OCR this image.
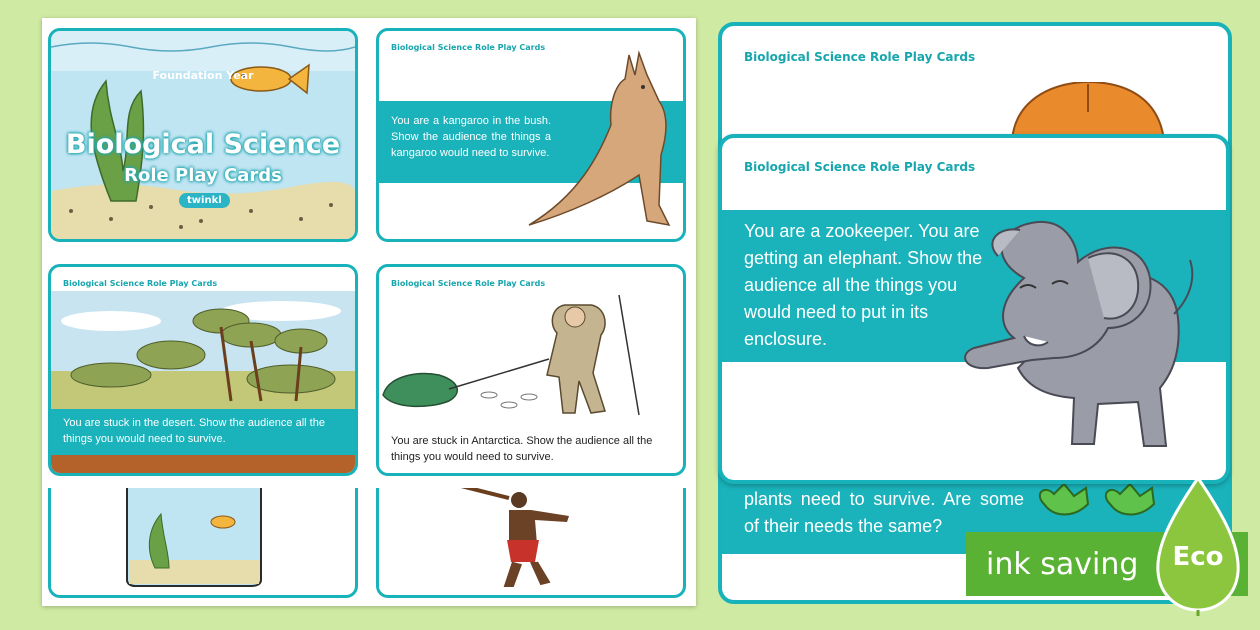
Foundation Year
Biological Science
Role Play Cards
twinkl
Biological Science Role Play Cards
You are a kangaroo in the bush. Show the audience the things a kangaroo would need to survive.
Biological Science Role Play Cards
You are stuck in the desert. Show the audience all the things you would need to survive.
Biological Science Role Play Cards
You are stuck in Antarctica. Show the audience all the things you would need to survive.
Biological Science Role Play Cards
plants need to survive. Are some of their needs the same?
Biological Science Role Play Cards
You are a zookeeper. You are getting an elephant. Show the audience all the things you would need to put in its enclosure.
ink saving	Eco
